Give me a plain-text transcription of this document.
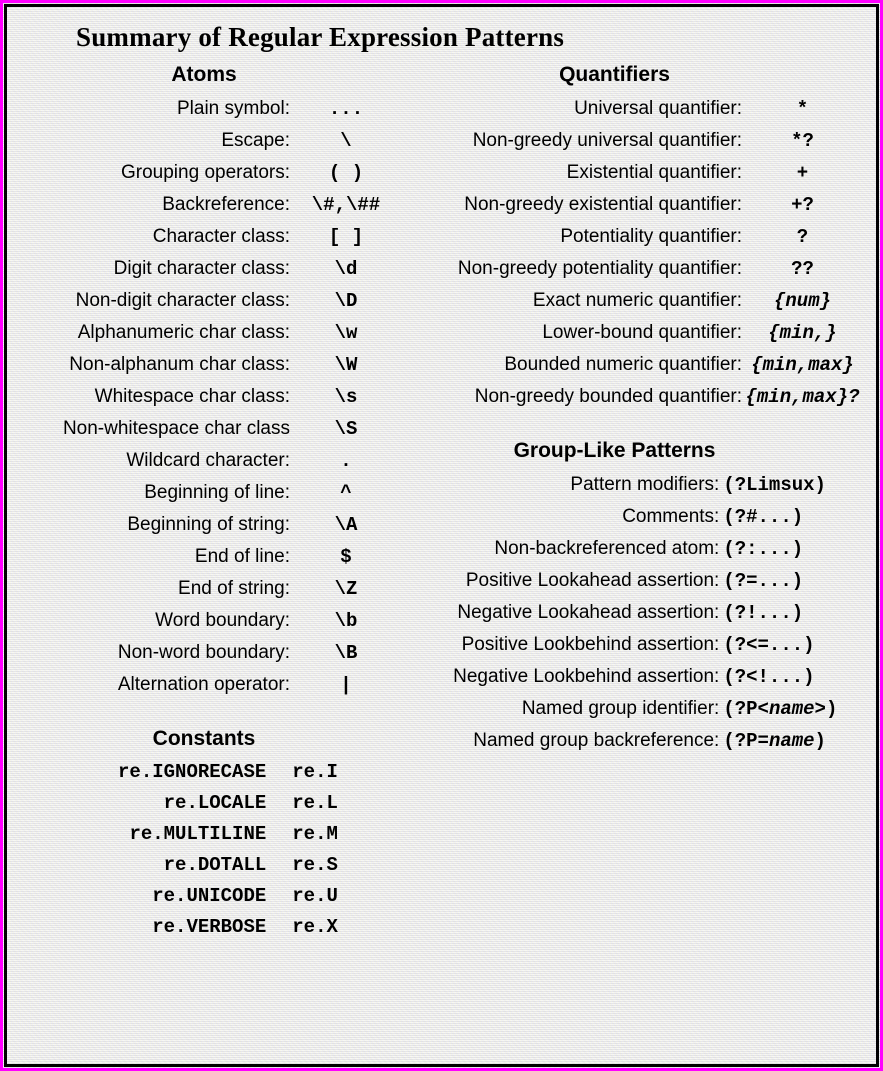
Summary of Regular Expression Patterns
Atoms
Plain symbol:	...
Escape:	\
Grouping operators:	( )
Backreference:	\#,\##
Character class:	[ ]
Digit character class:	\d
Non-digit character class:	\D
Alphanumeric char class:	\w
Non-alphanum char class:	\W
Whitespace char class:	\s
Non-whitespace char class	\S
Wildcard character:	.
Beginning of line:	^
Beginning of string:	\A
End of line:	$
End of string:	\Z
Word boundary:	\b
Non-word boundary:	\B
Alternation operator:	|
Constants
re.IGNORECASE	re.I
re.LOCALE	re.L
re.MULTILINE	re.M
re.DOTALL	re.S
re.UNICODE	re.U
re.VERBOSE	re.X
Quantifiers
Universal quantifier:	*
Non-greedy universal quantifier:	*?
Existential quantifier:	+
Non-greedy existential quantifier:	+?
Potentiality quantifier:	?
Non-greedy potentiality quantifier:	??
Exact numeric quantifier:	{num}
Lower-bound quantifier:	{min,}
Bounded numeric quantifier:	{min,max}
Non-greedy bounded quantifier:	{min,max}?
Group-Like Patterns
Pattern modifiers:	(?Limsux)
Comments:	(?#...)
Non-backreferenced atom:	(?:...)
Positive Lookahead assertion:	(?=...)
Negative Lookahead assertion:	(?!...)
Positive Lookbehind assertion:	(?<=...)
Negative Lookbehind assertion:	(?<!...)
Named group identifier:	(?P<name>)
Named group backreference:	(?P=name)
